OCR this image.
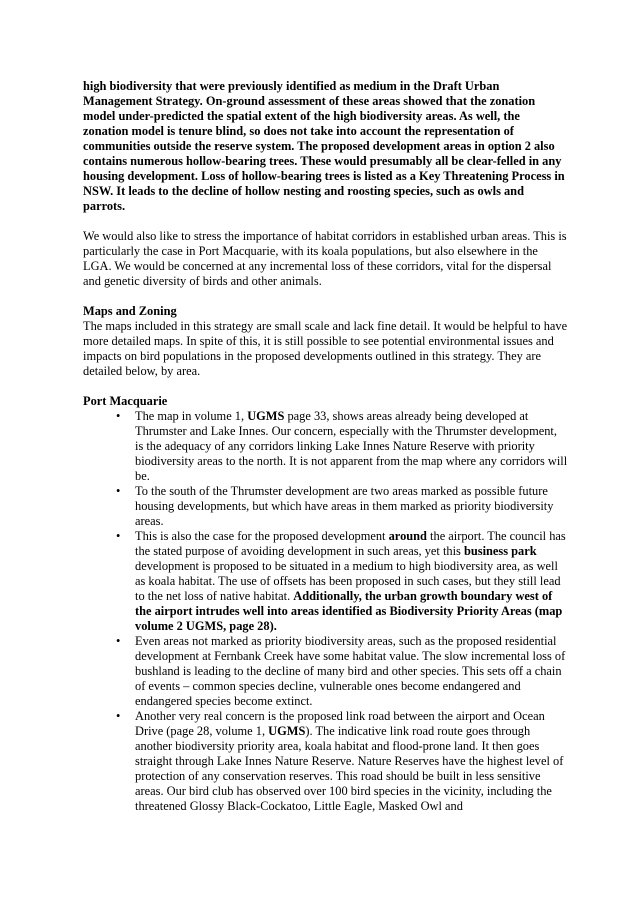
high biodiversity that were previously identified as medium in the Draft Urban Management Strategy. On-ground assessment of these areas showed that the zonation model under-predicted the spatial extent of the high biodiversity areas. As well, the zonation model is tenure blind, so does not take into account the representation of communities outside the reserve system. The proposed development areas in option 2 also contains numerous hollow-bearing trees. These would presumably all be clear-felled in any housing development. Loss of hollow-bearing trees is listed as a Key Threatening Process in NSW. It leads to the decline of hollow nesting and roosting species, such as owls and parrots.

We would also like to stress the importance of habitat corridors in established urban areas. This is particularly the case in Port Macquarie, with its koala populations, but also elsewhere in the LGA. We would be concerned at any incremental loss of these corridors, vital for the dispersal and genetic diversity of birds and other animals.

Maps and Zoning

The maps included in this strategy are small scale and lack fine detail. It would be helpful to have more detailed maps. In spite of this, it is still possible to see potential environmental issues and impacts on bird populations in the proposed developments outlined in this strategy. They are detailed below, by area.

Port Macquarie

• The map in volume 1, UGMS page 33, shows areas already being developed at Thrumster and Lake Innes. Our concern, especially with the Thrumster development, is the adequacy of any corridors linking Lake Innes Nature Reserve with priority biodiversity areas to the north. It is not apparent from the map where any corridors will be.
• To the south of the Thrumster development are two areas marked as possible future housing developments, but which have areas in them marked as priority biodiversity areas.
• This is also the case for the proposed development around the airport. The council has the stated purpose of avoiding development in such areas, yet this business park development is proposed to be situated in a medium to high biodiversity area, as well as koala habitat. The use of offsets has been proposed in such cases, but they still lead to the net loss of native habitat. Additionally, the urban growth boundary west of the airport intrudes well into areas identified as Biodiversity Priority Areas (map volume 2 UGMS, page 28).
• Even areas not marked as priority biodiversity areas, such as the proposed residential development at Fernbank Creek have some habitat value. The slow incremental loss of bushland is leading to the decline of many bird and other species. This sets off a chain of events – common species decline, vulnerable ones become endangered and endangered species become extinct.
• Another very real concern is the proposed link road between the airport and Ocean Drive (page 28, volume 1, UGMS). The indicative link road route goes through another biodiversity priority area, koala habitat and flood-prone land. It then goes straight through Lake Innes Nature Reserve. Nature Reserves have the highest level of protection of any conservation reserves. This road should be built in less sensitive areas. Our bird club has observed over 100 bird species in the vicinity, including the threatened Glossy Black-Cockatoo, Little Eagle, Masked Owl and
